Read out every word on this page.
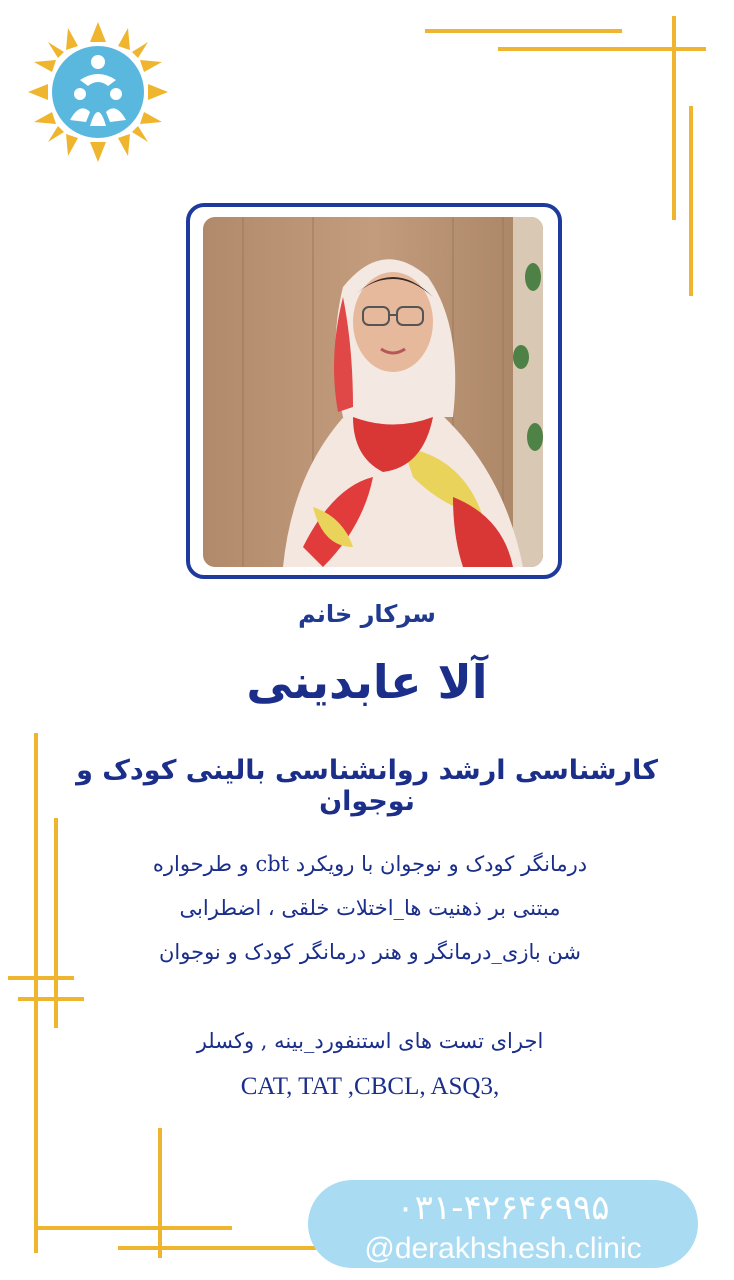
سرکار خانم
آلا عابدینی
کارشناسی ارشد روانشناسی بالینی کودک و نوجوان
درمانگر کودک و نوجوان با رویکرد cbt و طرحواره
مبتنی بر ذهنیت ها_اختلات خلقی ، اضطرابی
شن بازی_درمانگر و هنر درمانگر کودک و نوجوان
اجرای تست های استنفورد_بینه , وکسلر
CAT, TAT ,CBCL, ASQ3,
۰۳۱-۴۲۶۴۶۹۹۵
@derakhshesh.clinic
